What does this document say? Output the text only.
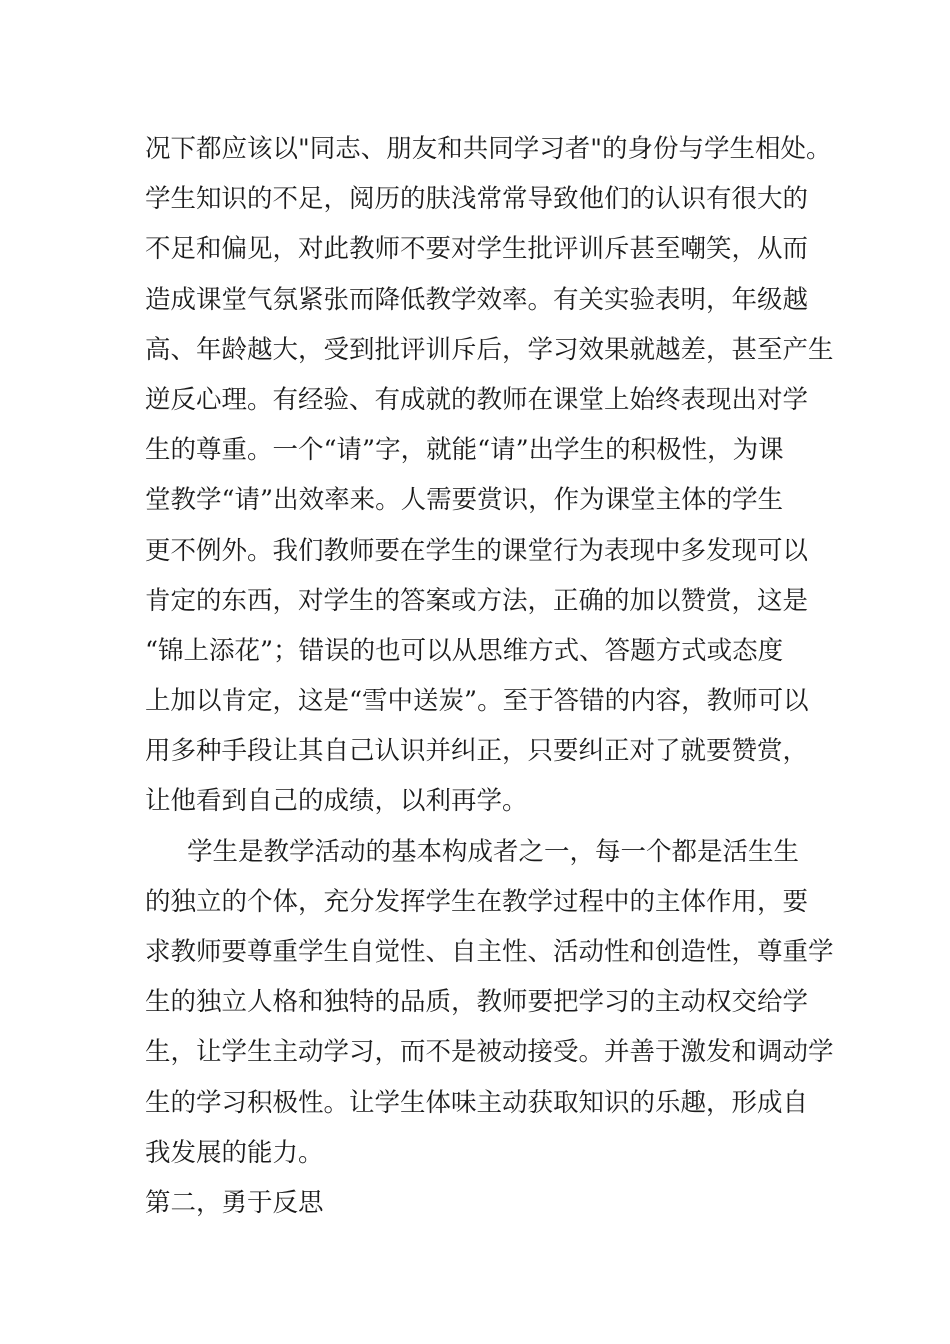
况下都应该以"同志、朋友和共同学习者"的身份与学生相处。
学生知识的不足，阅历的肤浅常常导致他们的认识有很大的
不足和偏见，对此教师不要对学生批评训斥甚至嘲笑，从而
造成课堂气氛紧张而降低教学效率。有关实验表明，年级越
高、年龄越大，受到批评训斥后，学习效果就越差，甚至产生
逆反心理。有经验、有成就的教师在课堂上始终表现出对学
生的尊重。一个“请”字，就能“请”出学生的积极性，为课
堂教学“请”出效率来。人需要赏识，作为课堂主体的学生
更不例外。我们教师要在学生的课堂行为表现中多发现可以
肯定的东西，对学生的答案或方法，正确的加以赞赏，这是
“锦上添花”；错误的也可以从思维方式、答题方式或态度
上加以肯定，这是“雪中送炭”。至于答错的内容，教师可以
用多种手段让其自己认识并纠正，只要纠正对了就要赞赏，
让他看到自己的成绩，以利再学。
学生是教学活动的基本构成者之一，每一个都是活生生
的独立的个体，充分发挥学生在教学过程中的主体作用，要
求教师要尊重学生自觉性、自主性、活动性和创造性，尊重学
生的独立人格和独特的品质，教师要把学习的主动权交给学
生，让学生主动学习，而不是被动接受。并善于激发和调动学
生的学习积极性。让学生体味主动获取知识的乐趣，形成自
我发展的能力。
第二，勇于反思
